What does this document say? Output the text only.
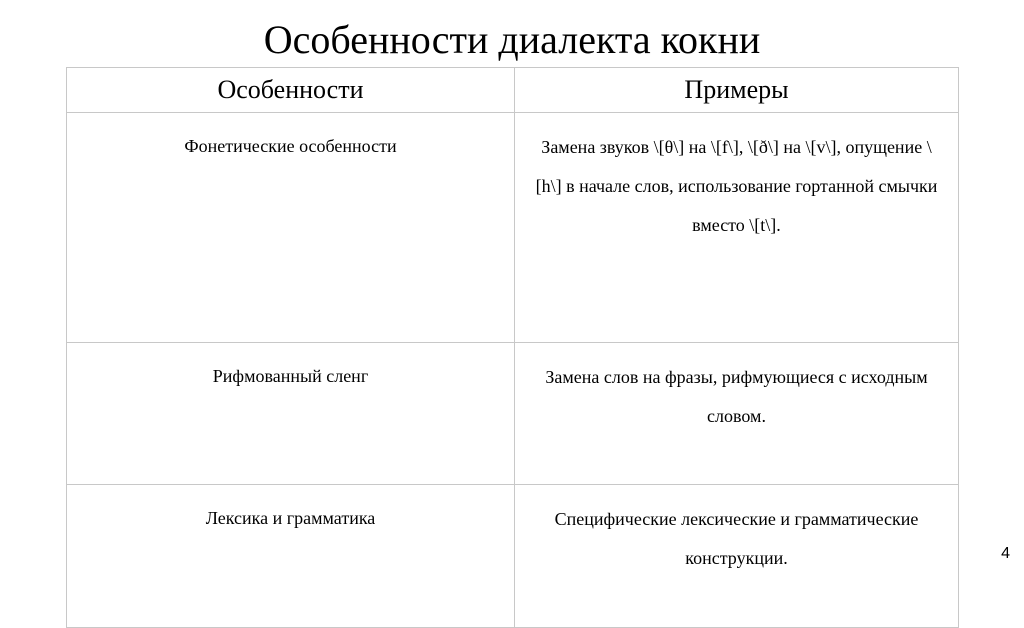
Особенности диалекта кокни
Особенности	Примеры
Фонетические особенности	Замена звуков \[θ\] на \[f\], \[ð\] на \[v\], опущение \[h\] в начале слов, использование гортанной смычки вместо \[t\].
Рифмованный сленг	Замена слов на фразы, рифмующиеся с исходным словом.
Лексика и грамматика	Специфические лексические и грамматические конструкции.	4
